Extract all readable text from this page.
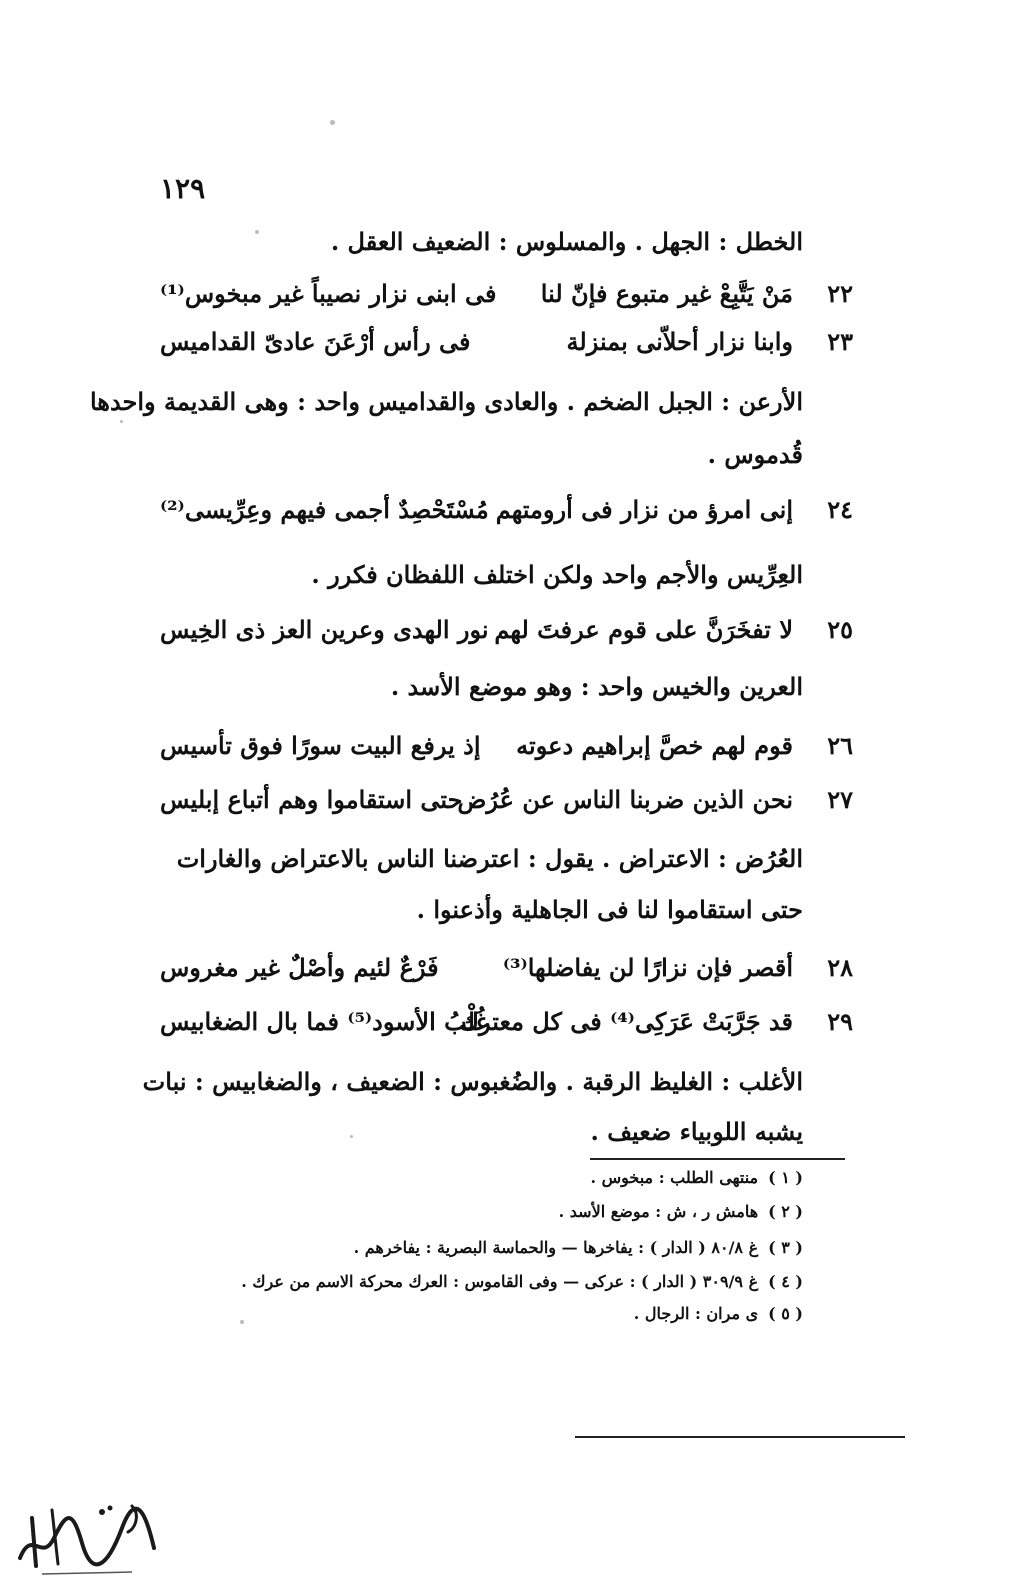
١٢٩
الخطل : الجهل . والمسلوس : الضعيف العقل .
٢٢
مَنْ يَتَّبِعْ غير متبوع فإنّ لنا
فى ابنى نزار نصيباً غير مبخوس⁽¹⁾
٢٣
وابنا نزار أحلاّنى بمنزلة
فى رأس أرْعَنَ عادىّ القداميس
الأرعن : الجبل الضخم . والعادى والقداميس واحد : وهى القديمة واحدها
قُدموس .
٢٤
إنى امرؤ من نزار فى أرومتهم
مُسْتَحْصِدٌ أجمى فيهم وعِرِّيسى⁽²⁾
العِرِّيس والأجم واحد ولكن اختلف اللفظان فكرر .
٢٥
لا تفخَرَنَّ على قوم عرفتَ لهم
نور الهدى وعرين العز ذى الخِيس
العرين والخيس واحد : وهو موضع الأسد .
٢٦
قوم لهم خصَّ إبراهيم دعوته
إذ يرفع البيت سورًا فوق تأسيس
٢٧
نحن الذين ضربنا الناس عن عُرُض
حتى استقاموا وهم أتباع إبليس
العُرُض : الاعتراض . يقول : اعترضنا الناس بالاعتراض والغارات
حتى استقاموا لنا فى الجاهلية وأذعنوا .
٢٨
أقصر فإن نزارًا لن يفاضلها⁽³⁾
فَرْعٌ لئيم وأصْلٌ غير مغروس
٢٩
قد جَرَّبَتْ عَرَكِى⁽⁴⁾ فى كل معترك
غُلْبُ الأسود⁽⁵⁾ فما بال الضغابيس
الأغلب : الغليظ الرقبة . والضُغبوس : الضعيف ، والضغابيس : نبات
يشبه اللوبياء ضعيف .
( ١ )منتهى الطلب : مبخوس .
( ٢ )هامش ر ، ش : موضع الأسد .
( ٣ )غ ٨٠/٨ ( الدار ) : يفاخرها — والحماسة البصرية : يفاخرهم .
( ٤ )غ ٣٠٩/٩ ( الدار ) : عركى — وفى القاموس : العرك محركة الاسم من عرك .
( ٥ )ى مران : الرجال .
